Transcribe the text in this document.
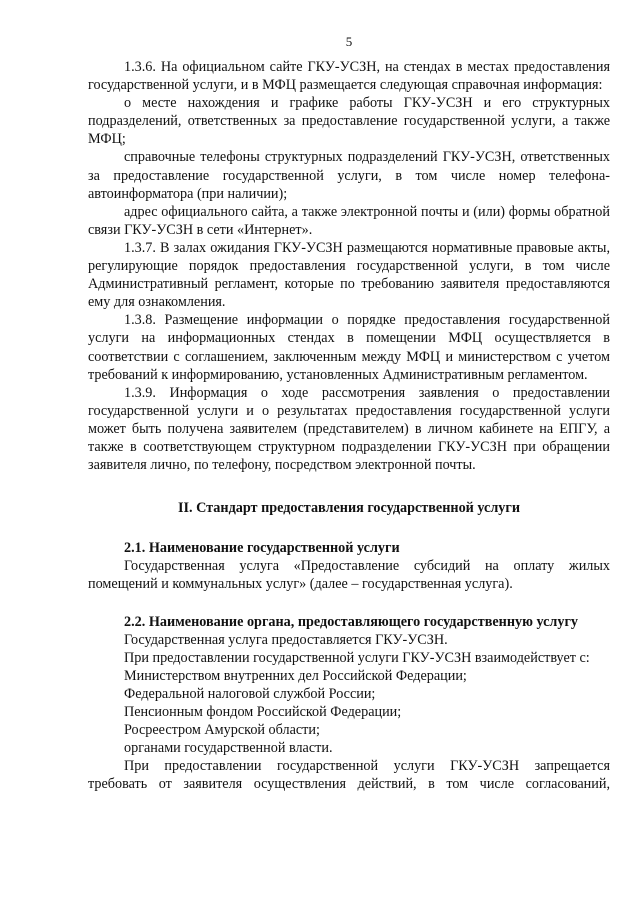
5

1.3.6. На официальном сайте ГКУ-УСЗН, на стендах в местах предоставления государственной услуги, и в МФЦ размещается следующая справочная информация:

о месте нахождения и графике работы ГКУ-УСЗН и его структурных подразделений, ответственных за предоставление государственной услуги, а также МФЦ;

справочные телефоны структурных подразделений ГКУ-УСЗН, ответственных за предоставление государственной услуги, в том числе номер телефона-автоинформатора (при наличии);

адрес официального сайта, а также электронной почты и (или) формы обратной связи ГКУ-УСЗН в сети «Интернет».

1.3.7. В залах ожидания ГКУ-УСЗН размещаются нормативные правовые акты, регулирующие порядок предоставления государственной услуги, в том числе Административный регламент, которые по требованию заявителя предоставляются ему для ознакомления.

1.3.8. Размещение информации о порядке предоставления государственной услуги на информационных стендах в помещении МФЦ осуществляется в соответствии с соглашением, заключенным между МФЦ и министерством с учетом требований к информированию, установленных Административным регламентом.

1.3.9. Информация о ходе рассмотрения заявления о предоставлении государственной услуги и о результатах предоставления государственной услуги может быть получена заявителем (представителем) в личном кабинете на ЕПГУ, а также в соответствующем структурном подразделении ГКУ-УСЗН при обращении заявителя лично, по телефону, посредством электронной почты.

II. Стандарт предоставления государственной услуги

2.1. Наименование государственной услуги

Государственная услуга «Предоставление субсидий на оплату жилых помещений и коммунальных услуг» (далее – государственная услуга).

2.2. Наименование органа, предоставляющего государственную услугу

Государственная услуга предоставляется ГКУ-УСЗН.

При предоставлении государственной услуги ГКУ-УСЗН взаимодействует с:

Министерством внутренних дел Российской Федерации;

Федеральной налоговой службой России;

Пенсионным фондом Российской Федерации;

Росреестром Амурской области;

органами государственной власти.

При предоставлении государственной услуги ГКУ-УСЗН запрещается требовать от заявителя осуществления действий, в том числе согласований,
